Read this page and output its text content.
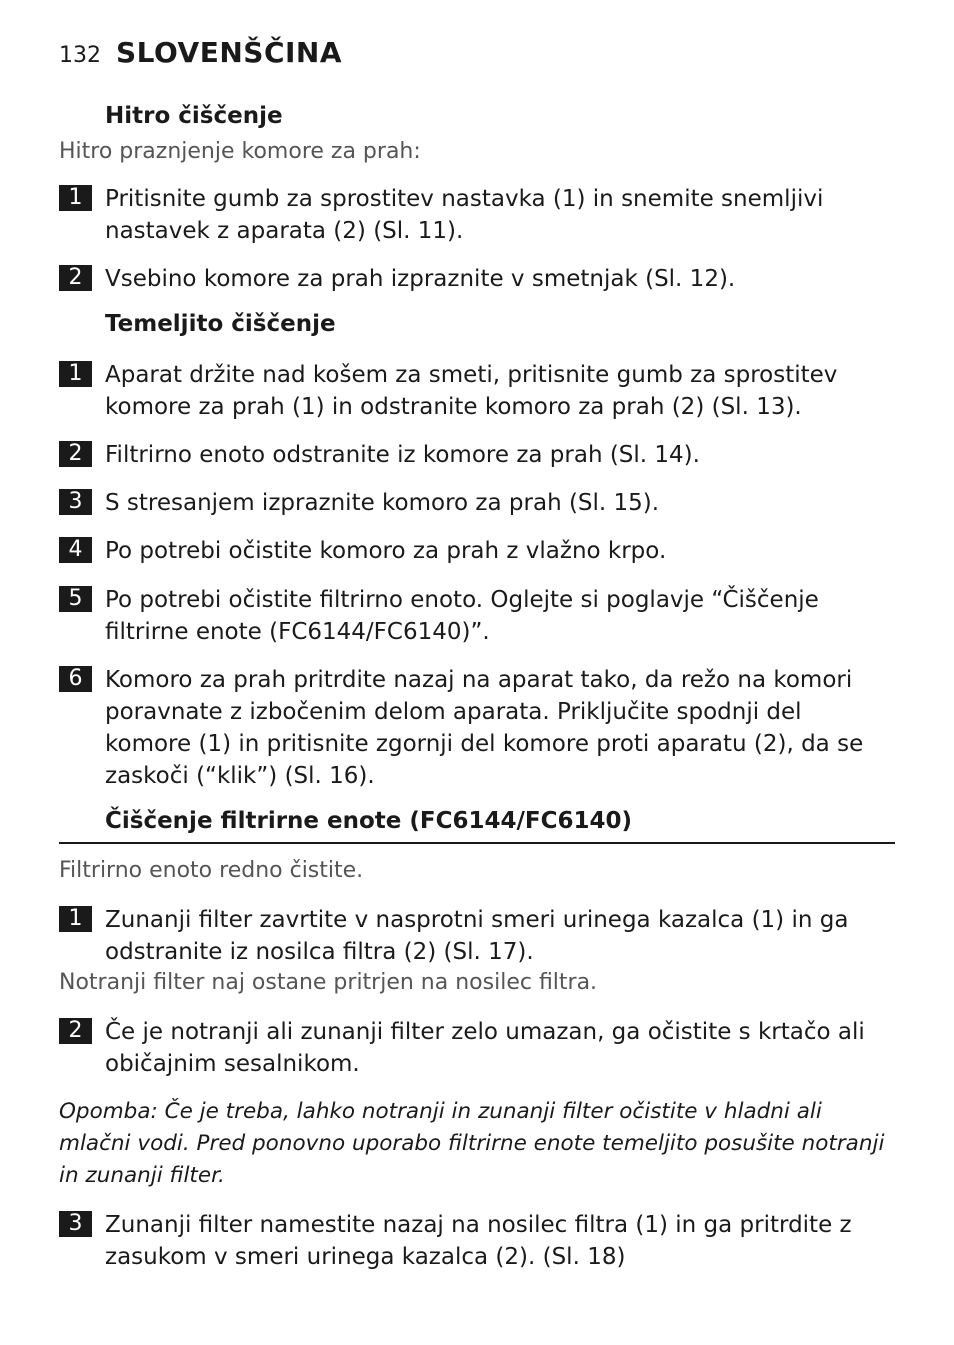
132 SLOVENŠČINA
Hitro čiščenje
Hitro praznjenje komore za prah:
1 Pritisnite gumb za sprostitev nastavka (1) in snemite snemljivi
nastavek z aparata (2) (Sl. 11).
2 Vsebino komore za prah izpraznite v smetnjak (Sl. 12).
Temeljito čiščenje
1 Aparat držite nad košem za smeti, pritisnite gumb za sprostitev
komore za prah (1) in odstranite komoro za prah (2) (Sl. 13).
2 Filtrirno enoto odstranite iz komore za prah (Sl. 14).
3 S stresanjem izpraznite komoro za prah (Sl. 15).
4 Po potrebi očistite komoro za prah z vlažno krpo.
5 Po potrebi očistite filtrirno enoto. Oglejte si poglavje “Čiščenje
filtrirne enote (FC6144/FC6140)”.
6 Komoro za prah pritrdite nazaj na aparat tako, da režo na komori
poravnate z izbočenim delom aparata. Priključite spodnji del
komore (1) in pritisnite zgornji del komore proti aparatu (2), da se
zaskoči (“klik”) (Sl. 16).
Čiščenje filtrirne enote (FC6144/FC6140)
Filtrirno enoto redno čistite.
1 Zunanji filter zavrtite v nasprotni smeri urinega kazalca (1) in ga
odstranite iz nosilca filtra (2) (Sl. 17).
Notranji filter naj ostane pritrjen na nosilec filtra.
2 Če je notranji ali zunanji filter zelo umazan, ga očistite s krtačo ali
običajnim sesalnikom.
Opomba: Če je treba, lahko notranji in zunanji filter očistite v hladni ali mlačni vodi. Pred ponovno uporabo filtrirne enote temeljito posušite notranji in zunanji filter.
3 Zunanji filter namestite nazaj na nosilec filtra (1) in ga pritrdite z
zasukom v smeri urinega kazalca (2). (Sl. 18)
